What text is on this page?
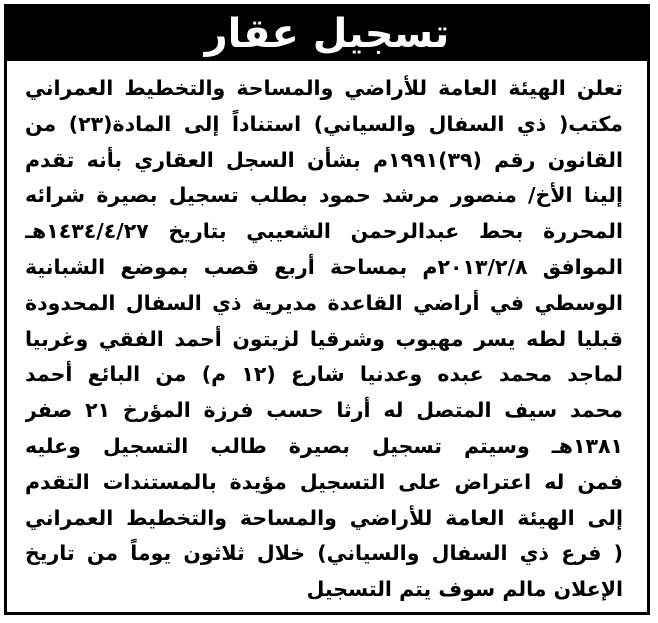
تسجيل عقار
تعلن الهيئة العامة للأراضي والمساحة والتخطيط العمراني
مكتب( ذي السفال والسياني) استناداً إلى المادة(٢٣) من
القانون رقم (٣٩)١٩٩١م بشأن السجل العقاري بأنه تقدم
إلينا الأخ/ منصور مرشد حمود بطلب تسجيل بصيرة شرائه
المحررة بحط عبدالرحمن الشعيبي بتاريخ ١٤٣٤/٤/٢٧هـ
الموافق ٢٠١٣/٢/٨م بمساحة أربع قصب بموضع الشبانية
الوسطي في أراضي القاعدة مديرية ذي السفال المحدودة
قبليا لطه يسر مهيوب وشرقيا لزيتون أحمد الفقي وغربيا
لماجد محمد عبده وعدنيا شارع (١٢ م) من البائع أحمد
محمد سيف المتصل له أرثا حسب فرزة المؤرخ ٢١ صفر
١٣٨١هـ وسيتم تسجيل بصيرة طالب التسجيل وعليه
فمن له اعتراض على التسجيل مؤيدة بالمستندات التقدم
إلى الهيئة العامة للأراضي والمساحة والتخطيط العمراني
( فرع ذي السفال والسياني) خلال ثلاثون يوماً من تاريخ
الإعلان مالم سوف يتم التسجيل
